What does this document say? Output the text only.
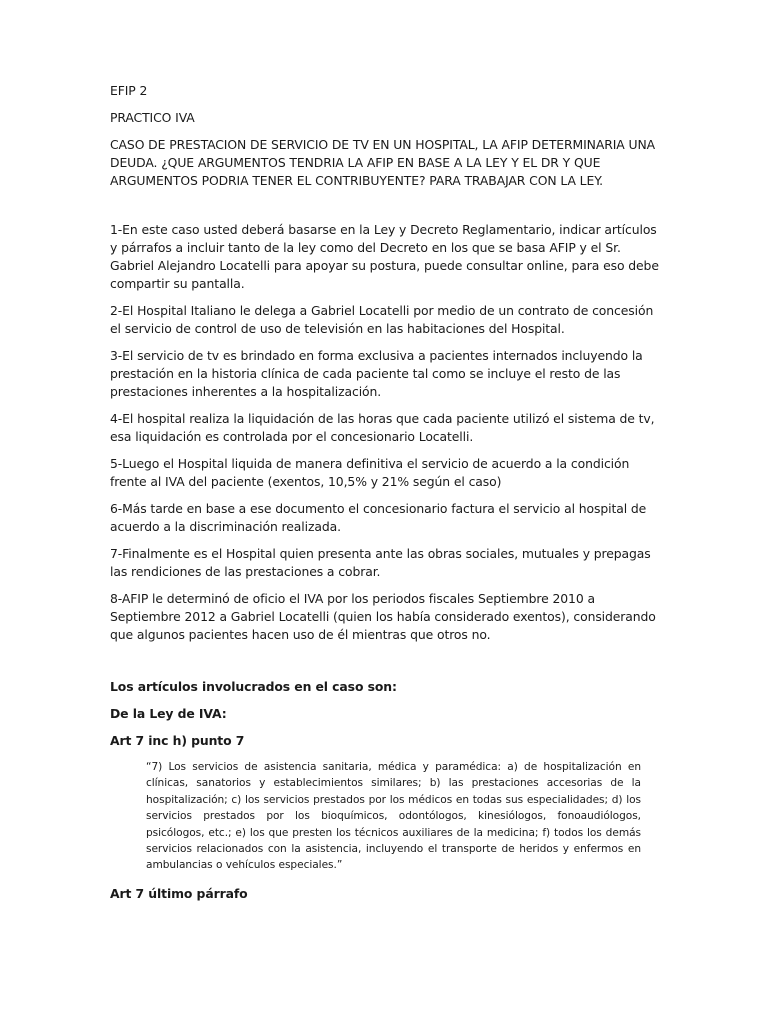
EFIP 2

PRACTICO IVA

CASO DE PRESTACION DE SERVICIO DE TV EN UN HOSPITAL, LA AFIP DETERMINARIA UNA DEUDA. ¿QUE ARGUMENTOS TENDRIA LA AFIP EN BASE A LA LEY Y EL DR Y QUE ARGUMENTOS PODRIA TENER EL CONTRIBUYENTE? PARA TRABAJAR CON LA LEY.

1-En este caso usted deberá basarse en la Ley y Decreto Reglamentario, indicar artículos y párrafos a incluir tanto de la ley como del Decreto en los que se basa AFIP y el Sr. Gabriel Alejandro Locatelli para apoyar su postura, puede consultar online, para eso debe compartir su pantalla.

2-El Hospital Italiano le delega a Gabriel Locatelli por medio de un contrato de concesión el servicio de control de uso de televisión en las habitaciones del Hospital.

3-El servicio de tv es brindado en forma exclusiva a pacientes internados incluyendo la prestación en la historia clínica de cada paciente tal como se incluye el resto de las prestaciones inherentes a la hospitalización.

4-El hospital realiza la liquidación de las horas que cada paciente utilizó el sistema de tv, esa liquidación es controlada por el concesionario Locatelli.

5-Luego el Hospital liquida de manera definitiva el servicio de acuerdo a la condición frente al IVA del paciente (exentos, 10,5% y 21% según el caso)

6-Más tarde en base a ese documento el concesionario factura el servicio al hospital de acuerdo a la discriminación realizada.

7-Finalmente es el Hospital quien presenta ante las obras sociales, mutuales y prepagas las rendiciones de las prestaciones a cobrar.

8-AFIP le determinó de oficio el IVA por los periodos fiscales Septiembre 2010 a Septiembre 2012 a Gabriel Locatelli (quien los había considerado exentos), considerando que algunos pacientes hacen uso de él mientras que otros no.

Los artículos involucrados en el caso son:

De la Ley de IVA:

Art 7 inc h) punto 7

“7) Los servicios de asistencia sanitaria, médica y paramédica: a) de hospitalización en clínicas, sanatorios y establecimientos similares; b) las prestaciones accesorias de la hospitalización; c) los servicios prestados por los médicos en todas sus especialidades; d) los servicios prestados por los bioquímicos, odontólogos, kinesiólogos, fonoaudiólogos, psicólogos, etc.; e) los que presten los técnicos auxiliares de la medicina; f) todos los demás servicios relacionados con la asistencia, incluyendo el transporte de heridos y enfermos en ambulancias o vehículos especiales.”

Art 7 último párrafo
